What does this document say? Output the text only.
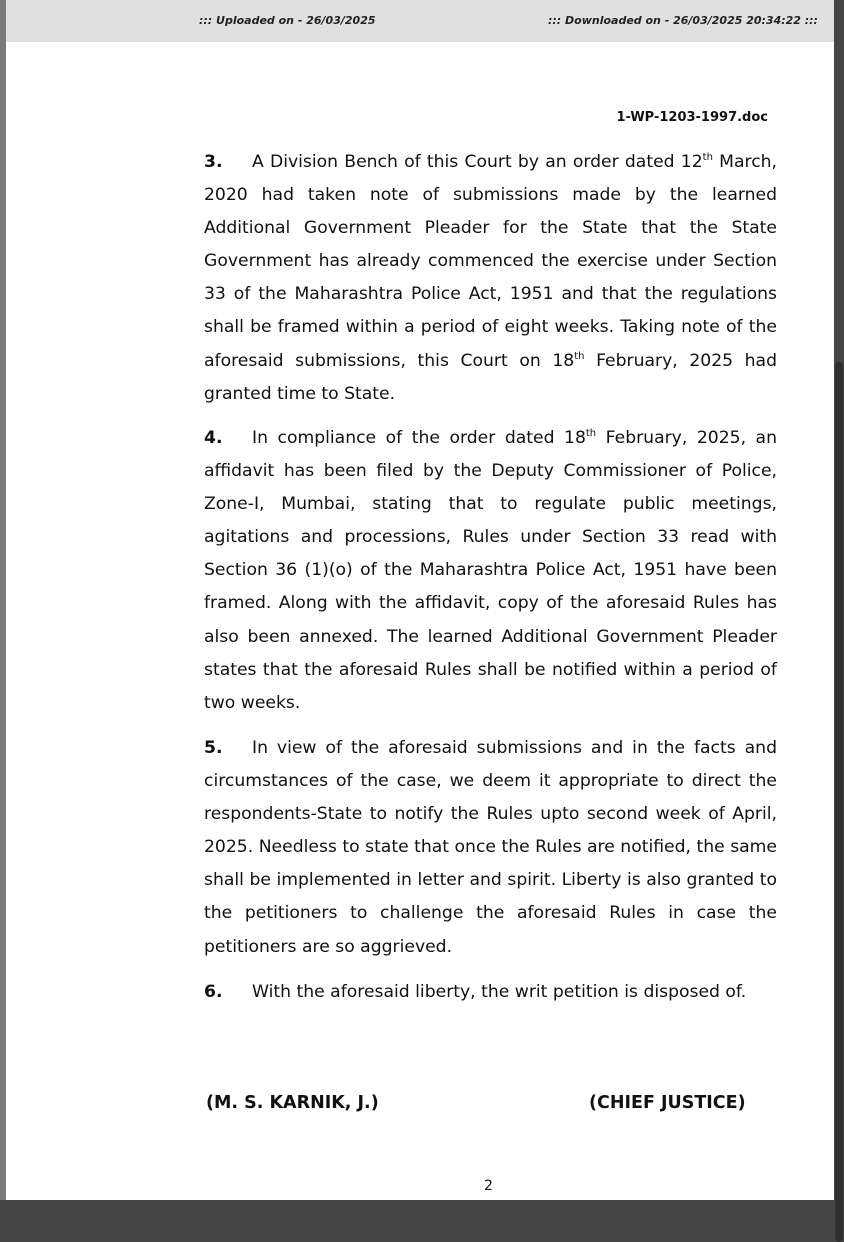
::: Uploaded on - 26/03/2025	::: Downloaded on - 26/03/2025 20:34:22 :::
1-WP-1203-1997.doc

3. A Division Bench of this Court by an order dated 12th March, 2020 had taken note of submissions made by the learned Additional Government Pleader for the State that the State Government has already commenced the exercise under Section 33 of the Maharashtra Police Act, 1951 and that the regulations shall be framed within a period of eight weeks. Taking note of the aforesaid submissions, this Court on 18th February, 2025 had granted time to State.

4. In compliance of the order dated 18th February, 2025, an affidavit has been filed by the Deputy Commissioner of Police, Zone-I, Mumbai, stating that to regulate public meetings, agitations and processions, Rules under Section 33 read with Section 36 (1)(o) of the Maharashtra Police Act, 1951 have been framed. Along with the affidavit, copy of the aforesaid Rules has also been annexed. The learned Additional Government Pleader states that the aforesaid Rules shall be notified within a period of two weeks.

5. In view of the aforesaid submissions and in the facts and circumstances of the case, we deem it appropriate to direct the respondents-State to notify the Rules upto second week of April, 2025. Needless to state that once the Rules are notified, the same shall be implemented in letter and spirit. Liberty is also granted to the petitioners to challenge the aforesaid Rules in case the petitioners are so aggrieved.

6. With the aforesaid liberty, the writ petition is disposed of.

(M. S. KARNIK, J.)	(CHIEF JUSTICE)
2
